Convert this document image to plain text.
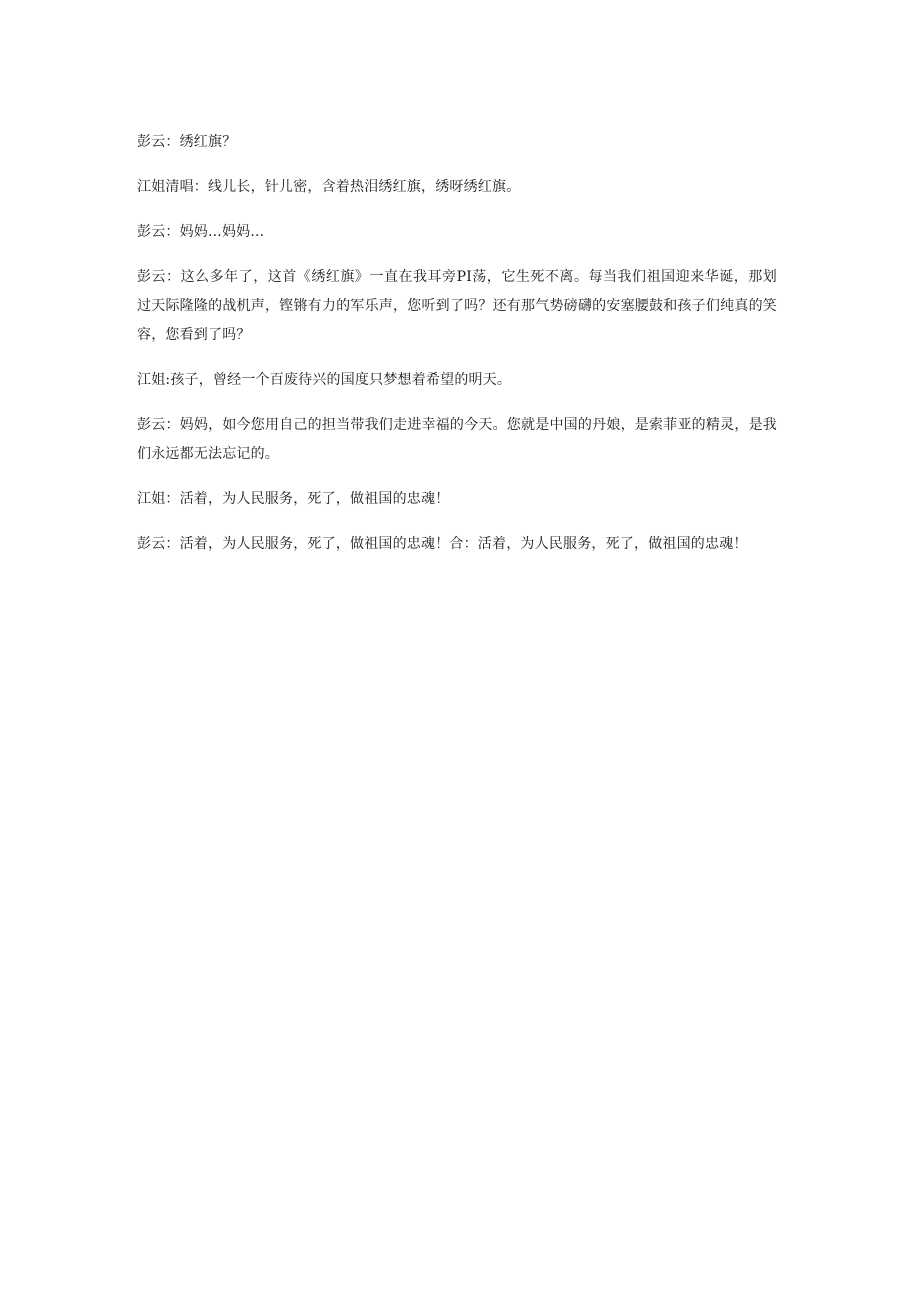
彭云：绣红旗？

江姐清唱：线儿长，针儿密，含着热泪绣红旗，绣呀绣红旗。

彭云：妈妈...妈妈...

彭云：这么多年了，这首《绣红旗》一直在我耳旁PI荡，它生死不离。每当我们祖国迎来华诞，那划过天际隆隆的战机声，铿锵有力的军乐声，您听到了吗？还有那气势磅礴的安塞腰鼓和孩子们纯真的笑容，您看到了吗？

江姐:孩子，曾经一个百废待兴的国度只梦想着希望的明天。

彭云：妈妈，如今您用自己的担当带我们走进幸福的今天。您就是中国的丹娘，是索菲亚的精灵，是我们永远都无法忘记的。

江姐：活着，为人民服务，死了，做祖国的忠魂！

彭云：活着，为人民服务，死了，做祖国的忠魂！合：活着，为人民服务，死了，做祖国的忠魂！
